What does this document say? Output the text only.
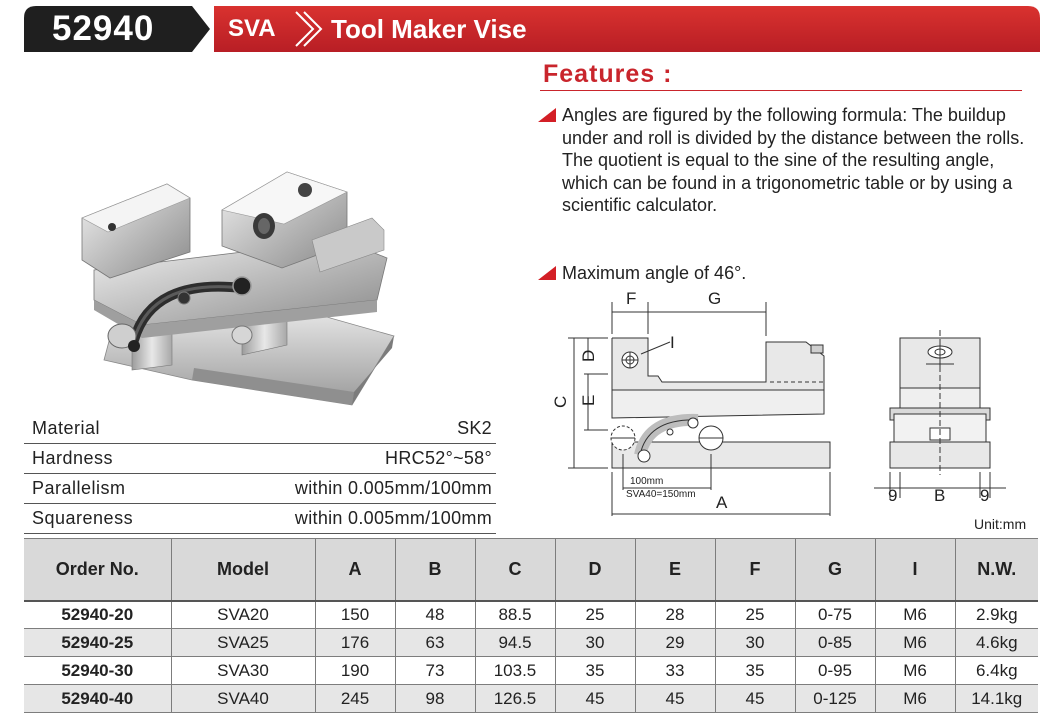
52940	SVA Tool Maker Vise
Features :
Angles are figured by the following formula: The buildup under and roll is divided by the distance between the rolls. The quotient is equal to the sine of the resulting angle, which can be found in a trigonometric table or by using a scientific calculator.
Maximum angle of 46°.
Material	SK2
Hardness	HRC52°~58°
Parallelism	within 0.005mm/100mm
Squareness	within 0.005mm/100mm
F	G
I
C
D
E
A	B
9	9
100mm
SVA40=150mm
Unit:mm
Order No.	Model	A	B	C	D	E	F	G	I	N.W.
52940-20	SVA20	150	48	88.5	25	28	25	0-75	M6	2.9kg
52940-25	SVA25	176	63	94.5	30	29	30	0-85	M6	4.6kg
52940-30	SVA30	190	73	103.5	35	33	35	0-95	M6	6.4kg
52940-40	SVA40	245	98	126.5	45	45	45	0-125	M6	14.1kg
